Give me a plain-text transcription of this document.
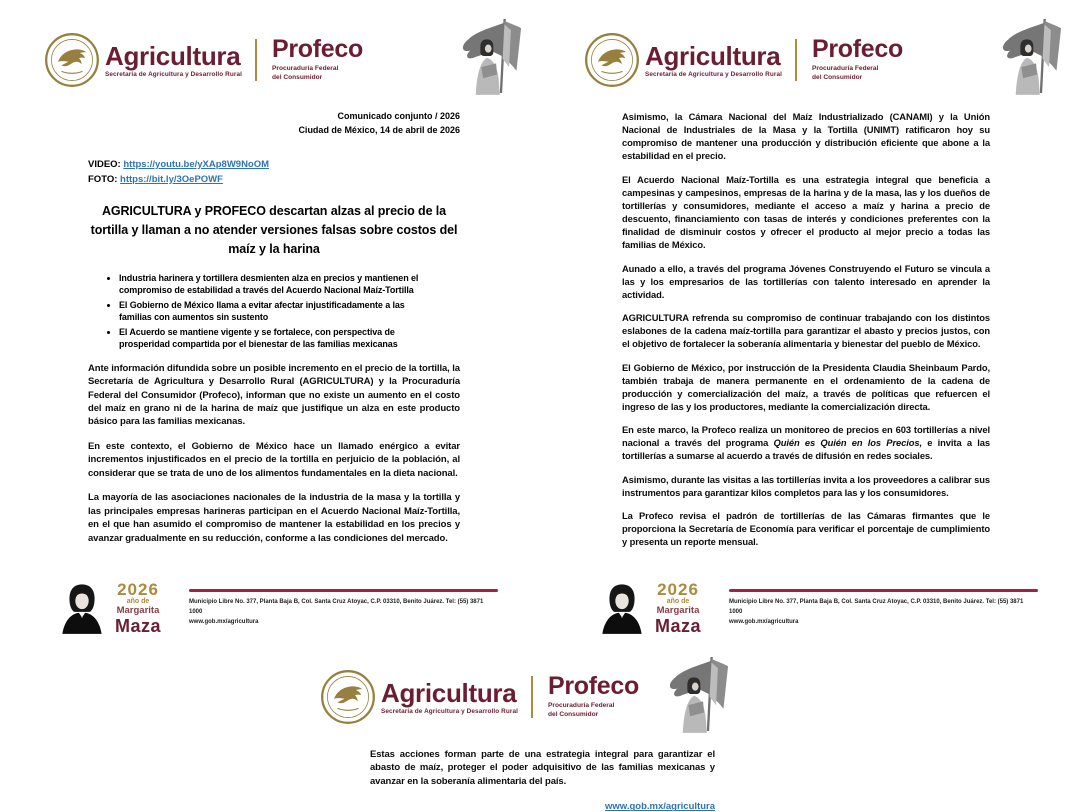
Agricultura
Secretaría de Agricultura y Desarrollo Rural
Profeco
Procuraduría Federal
del Consumidor
Comunicado conjunto / 2026
Ciudad de México, 14 de abril de 2026
VIDEO: https://youtu.be/yXAp8W9NoOM
FOTO: https://bit.ly/3OePOWF
AGRICULTURA y PROFECO descartan alzas al precio de la tortilla y llaman a no atender versiones falsas sobre costos del maíz y la harina
• Industria harinera y tortillera desmienten alza en precios y mantienen el compromiso de estabilidad a través del Acuerdo Nacional Maíz-Tortilla
• El Gobierno de México llama a evitar afectar injustificadamente a las familias con aumentos sin sustento
• El Acuerdo se mantiene vigente y se fortalece, con perspectiva de prosperidad compartida por el bienestar de las familias mexicanas

Ante información difundida sobre un posible incremento en el precio de la tortilla, la Secretaría de Agricultura y Desarrollo Rural (AGRICULTURA) y la Procuraduría Federal del Consumidor (Profeco), informan que no existe un aumento en el costo del maíz en grano ni de la harina de maíz que justifique un alza en este producto básico para las familias mexicanas.

En este contexto, el Gobierno de México hace un llamado enérgico a evitar incrementos injustificados en el precio de la tortilla en perjuicio de la población, al considerar que se trata de uno de los alimentos fundamentales en la dieta nacional.

La mayoría de las asociaciones nacionales de la industria de la masa y la tortilla y las principales empresas harineras participan en el Acuerdo Nacional Maíz-Tortilla, en el que han asumido el compromiso de mantener la estabilidad en los precios y avanzar gradualmente en su reducción, conforme a las condiciones del mercado.

2026
año de
Margarita
Maza
Municipio Libre No. 377, Planta Baja B, Col. Santa Cruz Atoyac, C.P. 03310, Benito Juárez. Tel: (55) 3871 1000
www.gob.mx/agricultura
Agricultura
Secretaría de Agricultura y Desarrollo Rural
Profeco
Procuraduría Federal
del Consumidor

Asimismo, la Cámara Nacional del Maíz Industrializado (CANAMI) y la Unión Nacional de Industriales de la Masa y la Tortilla (UNIMT) ratificaron hoy su compromiso de mantener una producción y distribución eficiente que abone a la estabilidad en el precio.

El Acuerdo Nacional Maíz-Tortilla es una estrategia integral que beneficia a campesinas y campesinos, empresas de la harina y de la masa, las y los dueños de tortillerías y consumidores, mediante el acceso a maíz y harina a precio de descuento, financiamiento con tasas de interés y condiciones preferentes con la finalidad de disminuir costos y ofrecer el producto al mejor precio a todas las familias de México.

Aunado a ello, a través del programa Jóvenes Construyendo el Futuro se vincula a las y los empresarios de las tortillerías con talento interesado en aprender la actividad.

AGRICULTURA refrenda su compromiso de continuar trabajando con los distintos eslabones de la cadena maíz-tortilla para garantizar el abasto y precios justos, con el objetivo de fortalecer la soberanía alimentaria y bienestar del pueblo de México.

El Gobierno de México, por instrucción de la Presidenta Claudia Sheinbaum Pardo, también trabaja de manera permanente en el ordenamiento de la cadena de producción y comercialización del maíz, a través de políticas que refuercen el ingreso de las y los productores, mediante la comercialización directa.

En este marco, la Profeco realiza un monitoreo de precios en 603 tortillerías a nivel nacional a través del programa Quién es Quién en los Precios, e invita a las tortillerías a sumarse al acuerdo a través de difusión en redes sociales.

Asimismo, durante las visitas a las tortillerías invita a los proveedores a calibrar sus instrumentos para garantizar kilos completos para las y los consumidores.

La Profeco revisa el padrón de tortillerías de las Cámaras firmantes que le proporciona la Secretaría de Economía para verificar el porcentaje de cumplimiento y presenta un reporte mensual.

2026
año de
Margarita
Maza
Municipio Libre No. 377, Planta Baja B, Col. Santa Cruz Atoyac, C.P. 03310, Benito Juárez. Tel: (55) 3871 1000
www.gob.mx/agricultura
Agricultura
Secretaría de Agricultura y Desarrollo Rural
Profeco
Procuraduría Federal
del Consumidor

Estas acciones forman parte de una estrategia integral para garantizar el abasto de maíz, proteger el poder adquisitivo de las familias mexicanas y avanzar en la soberanía alimentaria del país.

www.gob.mx/agricultura
